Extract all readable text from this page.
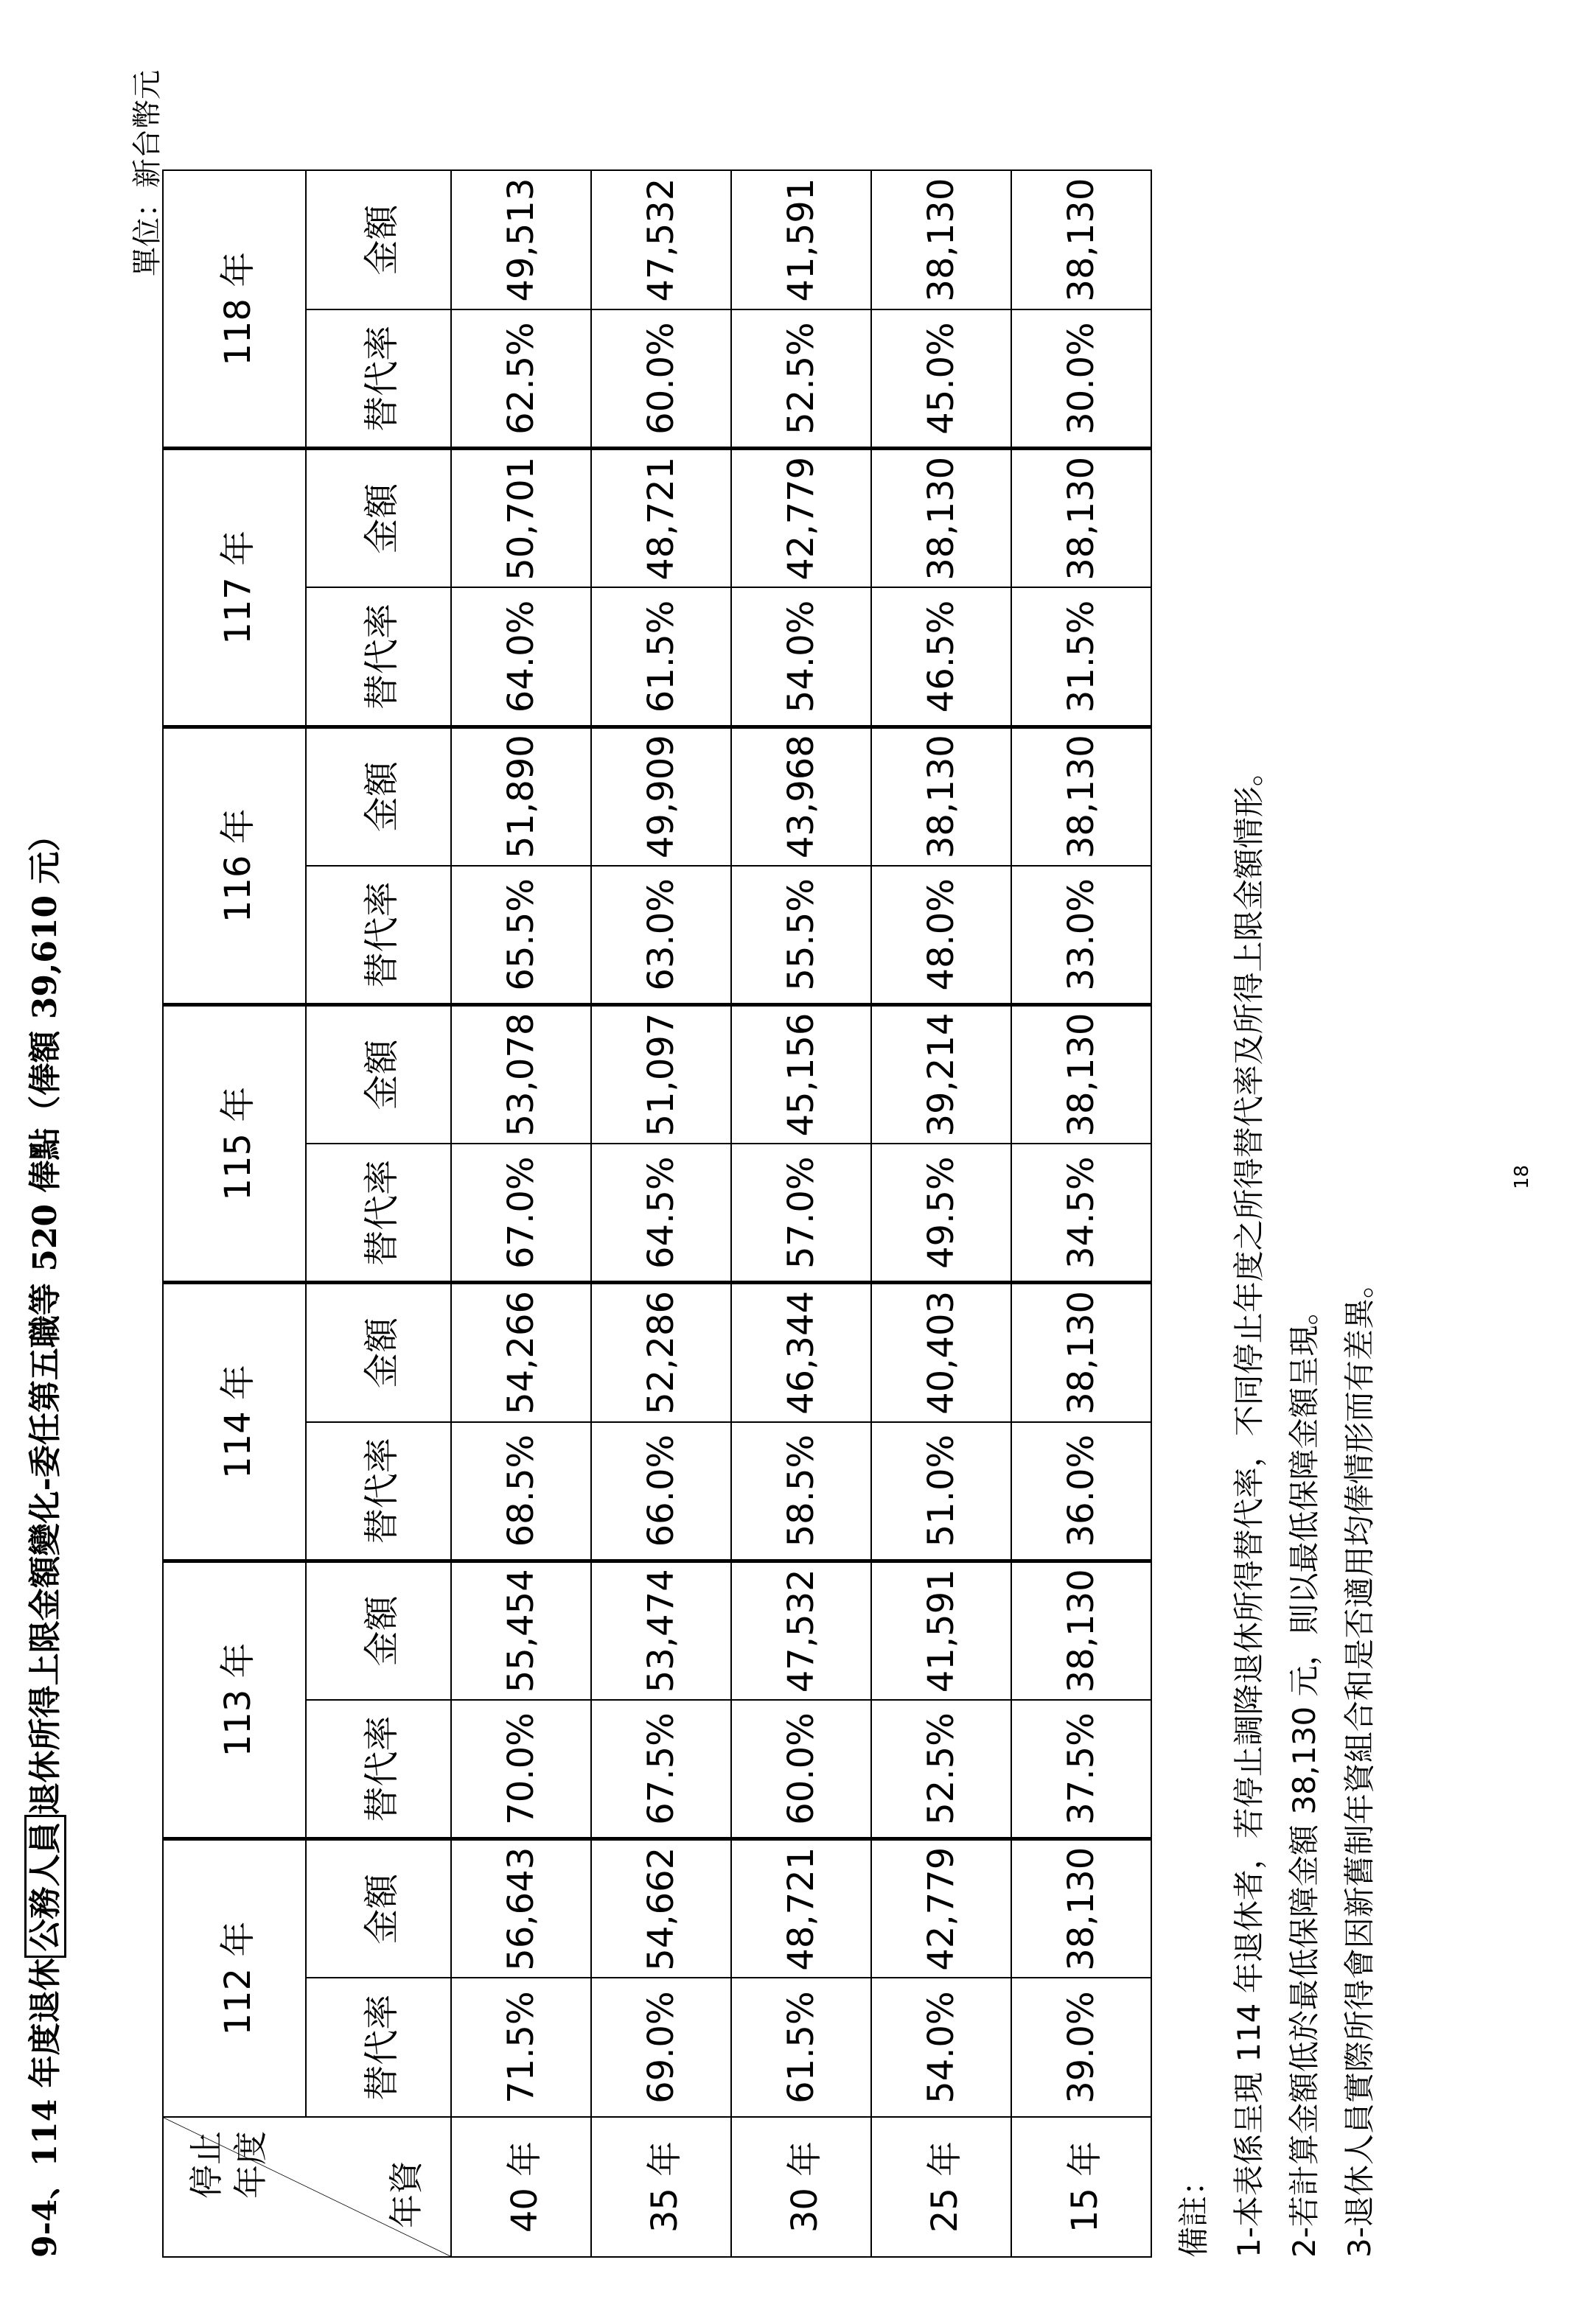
9-4、114 年度退休公務人員退休所得上限金額變化-委任第五職等 520 俸點（俸額 39,610 元）
單位：新台幣元
停止 年度 年資	112 年		113 年		114 年		115 年		116 年		117 年		118 年	
	替代率	金額	替代率	金額	替代率	金額	替代率	金額	替代率	金額	替代率	金額	替代率	金額
40 年	71.5%	56,643	70.0%	55,454	68.5%	54,266	67.0%	53,078	65.5%	51,890	64.0%	50,701	62.5%	49,513
35 年	69.0%	54,662	67.5%	53,474	66.0%	52,286	64.5%	51,097	63.0%	49,909	61.5%	48,721	60.0%	47,532
30 年	61.5%	48,721	60.0%	47,532	58.5%	46,344	57.0%	45,156	55.5%	43,968	54.0%	42,779	52.5%	41,591
25 年	54.0%	42,779	52.5%	41,591	51.0%	40,403	49.5%	39,214	48.0%	38,130	46.5%	38,130	45.0%	38,130
15 年	39.0%	38,130	37.5%	38,130	36.0%	38,130	34.5%	38,130	33.0%	38,130	31.5%	38,130	30.0%	38,130
備註： 1-本表係呈現 114 年退休者，若停止調降退休所得替代率，不同停止年度之所得替代率及所得上限金額情形。 2-若計算金額低於最低保障金額 38,130 元，則以最低保障金額呈現。 3-退休人員實際所得會因新舊制年資組合和是否適用均俸情形而有差異。
18
